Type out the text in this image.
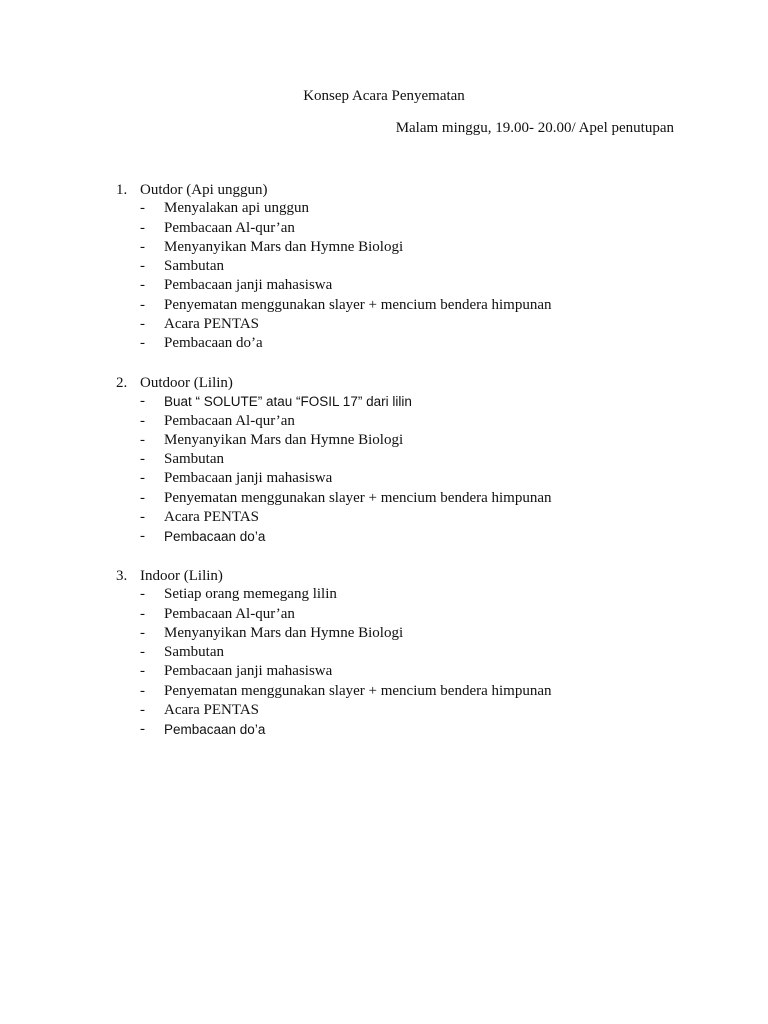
Konsep Acara Penyematan
Malam minggu, 19.00- 20.00/ Apel penutupan
1. Outdor (Api unggun)
-	Menyalakan api unggun
-	Pembacaan Al-qur’an
-	Menyanyikan Mars dan Hymne Biologi
-	Sambutan
-	Pembacaan janji mahasiswa
-	Penyematan menggunakan slayer + mencium bendera himpunan
-	Acara PENTAS
-	Pembacaan do’a
2. Outdoor (Lilin)
-	Buat “ SOLUTE” atau “FOSIL 17” dari lilin
-	Pembacaan Al-qur’an
-	Menyanyikan Mars dan Hymne Biologi
-	Sambutan
-	Pembacaan janji mahasiswa
-	Penyematan menggunakan slayer + mencium bendera himpunan
-	Acara PENTAS
-	Pembacaan do’a
3. Indoor (Lilin)
-	Setiap orang memegang lilin
-	Pembacaan Al-qur’an
-	Menyanyikan Mars dan Hymne Biologi
-	Sambutan
-	Pembacaan janji mahasiswa
-	Penyematan menggunakan slayer + mencium bendera himpunan
-	Acara PENTAS
-	Pembacaan do’a
